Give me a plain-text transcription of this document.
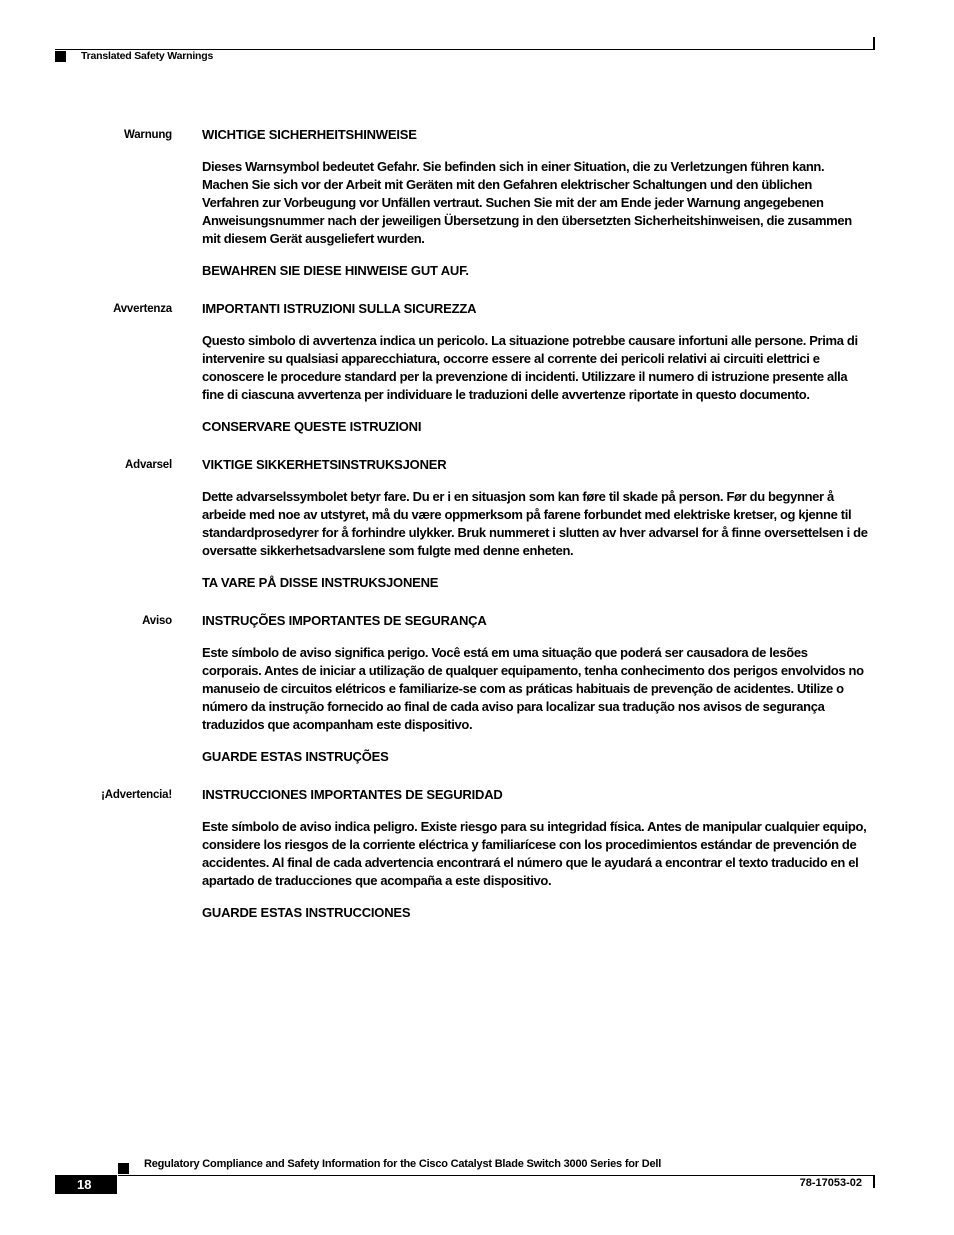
Translated Safety Warnings
Warnung WICHTIGE SICHERHEITSHINWEISE

Dieses Warnsymbol bedeutet Gefahr. Sie befinden sich in einer Situation, die zu Verletzungen führen kann. Machen Sie sich vor der Arbeit mit Geräten mit den Gefahren elektrischer Schaltungen und den üblichen Verfahren zur Vorbeugung vor Unfällen vertraut. Suchen Sie mit der am Ende jeder Warnung angegebenen Anweisungsnummer nach der jeweiligen Übersetzung in den übersetzten Sicherheitshinweisen, die zusammen mit diesem Gerät ausgeliefert wurden.

BEWAHREN SIE DIESE HINWEISE GUT AUF.

Avvertenza IMPORTANTI ISTRUZIONI SULLA SICUREZZA

Questo simbolo di avvertenza indica un pericolo. La situazione potrebbe causare infortuni alle persone. Prima di intervenire su qualsiasi apparecchiatura, occorre essere al corrente dei pericoli relativi ai circuiti elettrici e conoscere le procedure standard per la prevenzione di incidenti. Utilizzare il numero di istruzione presente alla fine di ciascuna avvertenza per individuare le traduzioni delle avvertenze riportate in questo documento.

CONSERVARE QUESTE ISTRUZIONI

Advarsel VIKTIGE SIKKERHETSINSTRUKSJONER

Dette advarselssymbolet betyr fare. Du er i en situasjon som kan føre til skade på person. Før du begynner å arbeide med noe av utstyret, må du være oppmerksom på farene forbundet med elektriske kretser, og kjenne til standardprosedyrer for å forhindre ulykker. Bruk nummeret i slutten av hver advarsel for å finne oversettelsen i de oversatte sikkerhetsadvarslene som fulgte med denne enheten.

TA VARE PÅ DISSE INSTRUKSJONENE

Aviso INSTRUÇÕES IMPORTANTES DE SEGURANÇA

Este símbolo de aviso significa perigo. Você está em uma situação que poderá ser causadora de lesões corporais. Antes de iniciar a utilização de qualquer equipamento, tenha conhecimento dos perigos envolvidos no manuseio de circuitos elétricos e familiarize-se com as práticas habituais de prevenção de acidentes. Utilize o número da instrução fornecido ao final de cada aviso para localizar sua tradução nos avisos de segurança traduzidos que acompanham este dispositivo.

GUARDE ESTAS INSTRUÇÕES

¡Advertencia! INSTRUCCIONES IMPORTANTES DE SEGURIDAD

Este símbolo de aviso indica peligro. Existe riesgo para su integridad física. Antes de manipular cualquier equipo, considere los riesgos de la corriente eléctrica y familiarícese con los procedimientos estándar de prevención de accidentes. Al final de cada advertencia encontrará el número que le ayudará a encontrar el texto traducido en el apartado de traducciones que acompaña a este dispositivo.

GUARDE ESTAS INSTRUCCIONES

Regulatory Compliance and Safety Information for the Cisco Catalyst Blade Switch 3000 Series for Dell
18	78-17053-02
